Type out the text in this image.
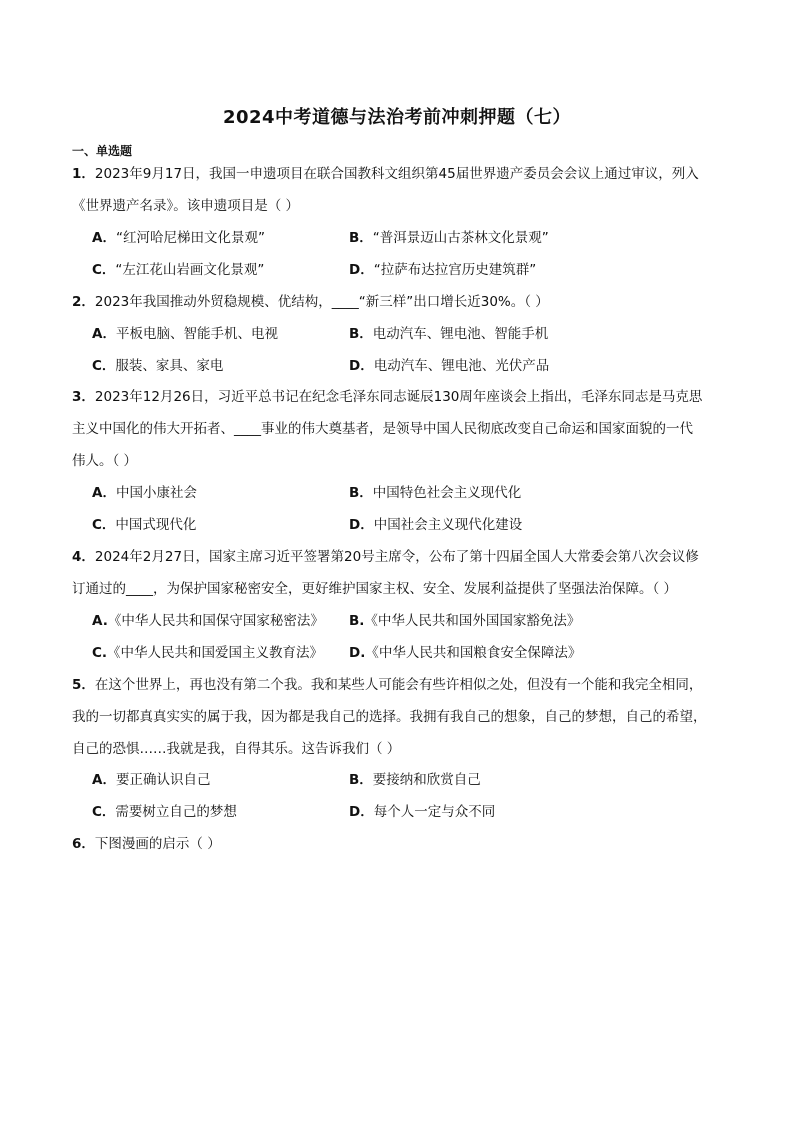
2024中考道德与法治考前冲刺押题（七）
一、单选题
1．2023年9月17日，我国一申遗项目在联合国教科文组织第45届世界遗产委员会会议上通过审议，列入
《世界遗产名录》。该申遗项目是（ ）
A．“红河哈尼梯田文化景观”	B．“普洱景迈山古茶林文化景观”
C．“左江花山岩画文化景观”	D．“拉萨布达拉宫历史建筑群”
2．2023年我国推动外贸稳规模、优结构，____“新三样”出口增长近30%。（ ）
A．平板电脑、智能手机、电视	B．电动汽车、锂电池、智能手机
C．服装、家具、家电	D．电动汽车、锂电池、光伏产品
3．2023年12月26日，习近平总书记在纪念毛泽东同志诞辰130周年座谈会上指出，毛泽东同志是马克思
主义中国化的伟大开拓者、____事业的伟大奠基者，是领导中国人民彻底改变自己命运和国家面貌的一代
伟人。（ ）
A．中国小康社会	B．中国特色社会主义现代化
C．中国式现代化	D．中国社会主义现代化建设
4．2024年2月27日，国家主席习近平签署第20号主席令，公布了第十四届全国人大常委会第八次会议修
订通过的____，为保护国家秘密安全，更好维护国家主权、安全、发展利益提供了坚强法治保障。（ ）
A.《中华人民共和国保守国家秘密法》 B.《中华人民共和国外国国家豁免法》
C.《中华人民共和国爱国主义教育法》 D.《中华人民共和国粮食安全保障法》
5．在这个世界上，再也没有第二个我。我和某些人可能会有些许相似之处，但没有一个能和我完全相同，
我的一切都真真实实的属于我，因为都是我自己的选择。我拥有我自己的想象，自己的梦想，自己的希望，
自己的恐惧……我就是我，自得其乐。这告诉我们（ ）
A．要正确认识自己	B．要接纳和欣赏自己
C．需要树立自己的梦想	D．每个人一定与众不同
6．下图漫画的启示（ ）
